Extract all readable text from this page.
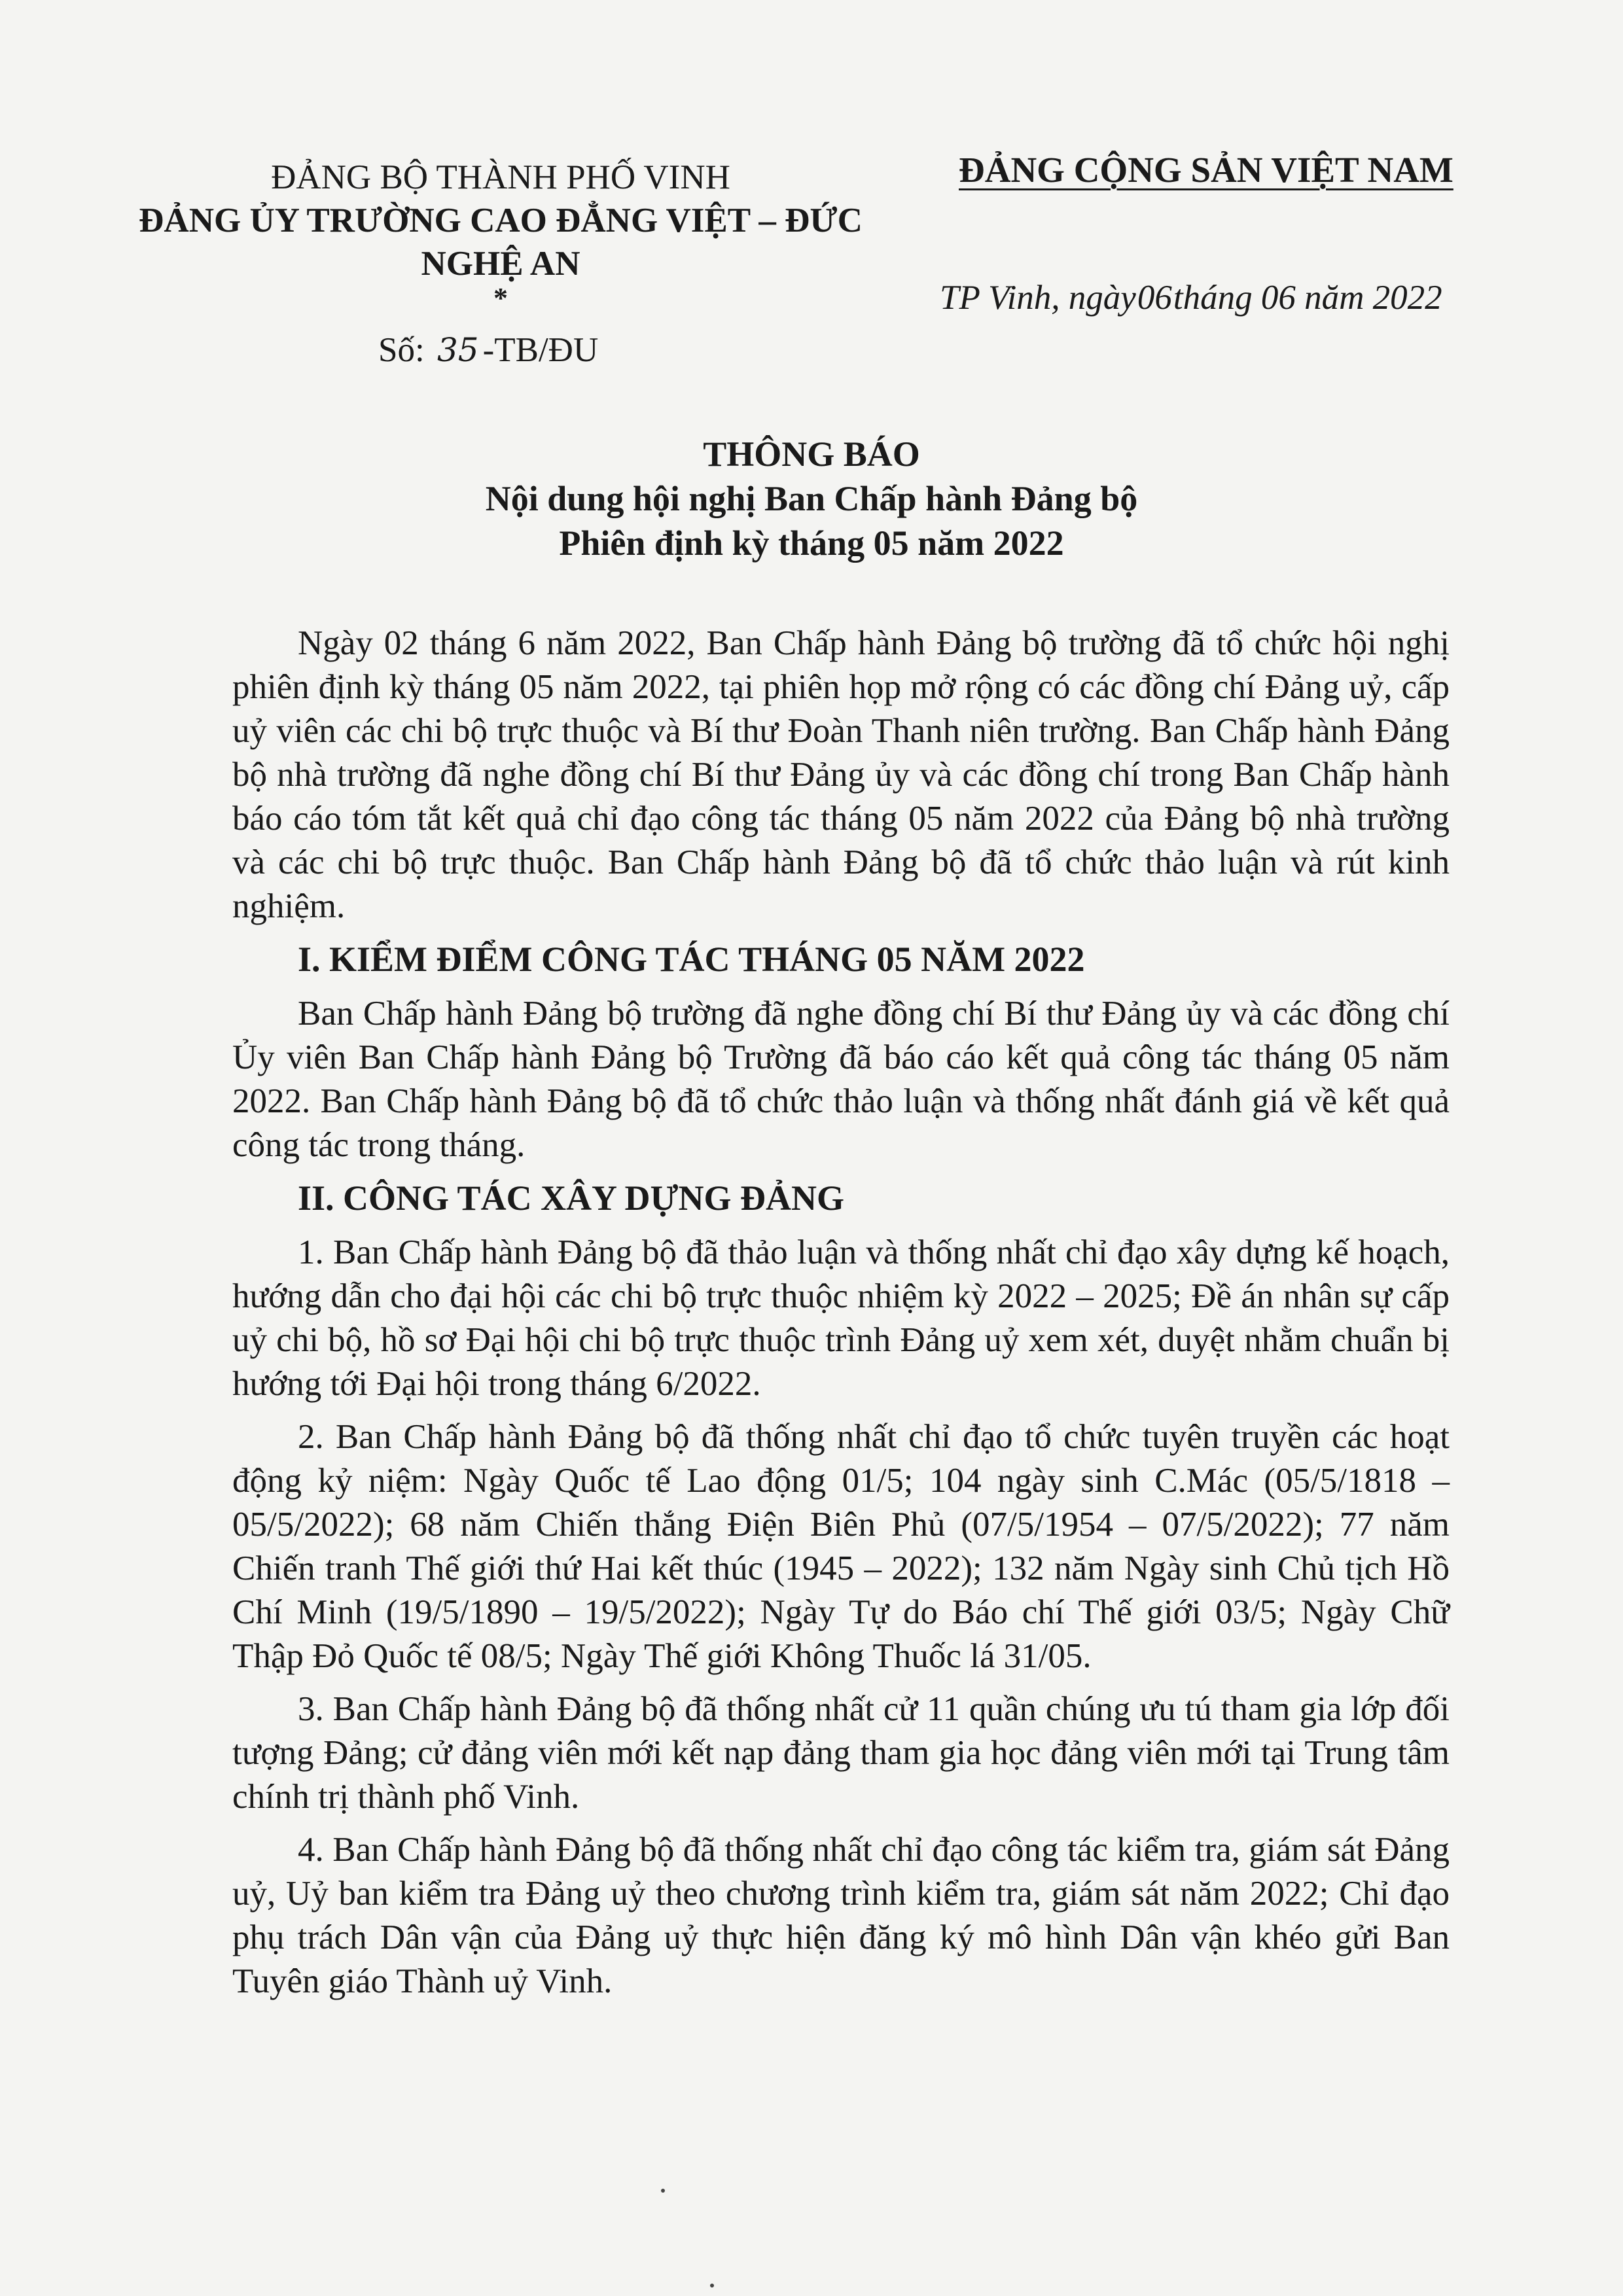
ĐẢNG BỘ THÀNH PHỐ VINH
ĐẢNG ỦY TRƯỜNG CAO ĐẲNG VIỆT – ĐỨC
NGHỆ AN
*
Số: 35 -TB/ĐU
ĐẢNG CỘNG SẢN VIỆT NAM
TP Vinh, ngày06tháng 06 năm 2022
THÔNG BÁO
Nội dung hội nghị Ban Chấp hành Đảng bộ
Phiên định kỳ tháng 05 năm 2022

Ngày 02 tháng 6 năm 2022, Ban Chấp hành Đảng bộ trường đã tổ chức hội nghị phiên định kỳ tháng 05 năm 2022, tại phiên họp mở rộng có các đồng chí Đảng uỷ, cấp uỷ viên các chi bộ trực thuộc và Bí thư Đoàn Thanh niên trường. Ban Chấp hành Đảng bộ nhà trường đã nghe đồng chí Bí thư Đảng ủy và các đồng chí trong Ban Chấp hành báo cáo tóm tắt kết quả chỉ đạo công tác tháng 05 năm 2022 của Đảng bộ nhà trường và các chi bộ trực thuộc. Ban Chấp hành Đảng bộ đã tổ chức thảo luận và rút kinh nghiệm.

I. KIỂM ĐIỂM CÔNG TÁC THÁNG 05 NĂM 2022

Ban Chấp hành Đảng bộ trường đã nghe đồng chí Bí thư Đảng ủy và các đồng chí Ủy viên Ban Chấp hành Đảng bộ Trường đã báo cáo kết quả công tác tháng 05 năm 2022. Ban Chấp hành Đảng bộ đã tổ chức thảo luận và thống nhất đánh giá về kết quả công tác trong tháng.

II. CÔNG TÁC XÂY DỰNG ĐẢNG

1. Ban Chấp hành Đảng bộ đã thảo luận và thống nhất chỉ đạo xây dựng kế hoạch, hướng dẫn cho đại hội các chi bộ trực thuộc nhiệm kỳ 2022 – 2025; Đề án nhân sự cấp uỷ chi bộ, hồ sơ Đại hội chi bộ trực thuộc trình Đảng uỷ xem xét, duyệt nhằm chuẩn bị hướng tới Đại hội trong tháng 6/2022.

2. Ban Chấp hành Đảng bộ đã thống nhất chỉ đạo tổ chức tuyên truyền các hoạt động kỷ niệm: Ngày Quốc tế Lao động 01/5; 104 ngày sinh C.Mác (05/5/1818 – 05/5/2022); 68 năm Chiến thắng Điện Biên Phủ (07/5/1954 – 07/5/2022); 77 năm Chiến tranh Thế giới thứ Hai kết thúc (1945 – 2022); 132 năm Ngày sinh Chủ tịch Hồ Chí Minh (19/5/1890 – 19/5/2022); Ngày Tự do Báo chí Thế giới 03/5; Ngày Chữ Thập Đỏ Quốc tế 08/5; Ngày Thế giới Không Thuốc lá 31/05.

3. Ban Chấp hành Đảng bộ đã thống nhất cử 11 quần chúng ưu tú tham gia lớp đối tượng Đảng; cử đảng viên mới kết nạp đảng tham gia học đảng viên mới tại Trung tâm chính trị thành phố Vinh.

4. Ban Chấp hành Đảng bộ đã thống nhất chỉ đạo công tác kiểm tra, giám sát Đảng uỷ, Uỷ ban kiểm tra Đảng uỷ theo chương trình kiểm tra, giám sát năm 2022; Chỉ đạo phụ trách Dân vận của Đảng uỷ thực hiện đăng ký mô hình Dân vận khéo gửi Ban Tuyên giáo Thành uỷ Vinh.
